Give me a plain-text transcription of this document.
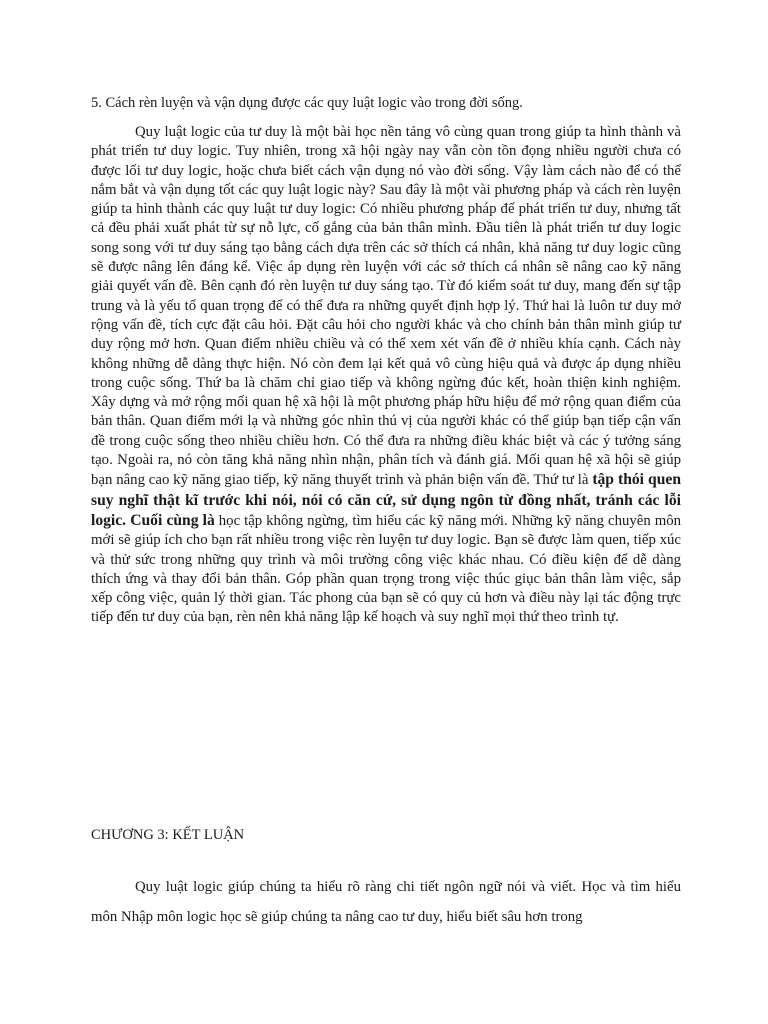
5. Cách rèn luyện và vận dụng được các quy luật logic vào trong đời sống.

Quy luật logic của tư duy là một bài học nền tảng vô cùng quan trong giúp ta hình thành và phát triển tư duy logic. Tuy nhiên, trong xã hội ngày nay vẫn còn tồn đọng nhiều người chưa có được lối tư duy logic, hoặc chưa biết cách vận dụng nó vào đời sống. Vậy làm cách nào để có thể nắm bắt và vận dụng tốt các quy luật logic này? Sau đây là một vài phương pháp và cách rèn luyện giúp ta hình thành các quy luật tư duy logic: Có nhiều phương pháp để phát triển tư duy, nhưng tất cả đều phải xuất phát từ sự nỗ lực, cố gắng của bản thân mình. Đầu tiên là phát triển tư duy logic song song với tư duy sáng tạo bằng cách dựa trên các sở thích cá nhân, khả năng tư duy logic cũng sẽ được nâng lên đáng kể. Việc áp dụng rèn luyện với các sở thích cá nhân sẽ nâng cao kỹ năng giải quyết vấn đề. Bên cạnh đó rèn luyện tư duy sáng tạo. Từ đó kiểm soát tư duy, mang đến sự tập trung và là yếu tố quan trọng để có thể đưa ra những quyết định hợp lý. Thứ hai là luôn tư duy mở rộng vấn đề, tích cực đặt câu hỏi. Đặt câu hỏi cho người khác và cho chính bản thân mình giúp tư duy rộng mở hơn. Quan điểm nhiều chiều và có thể xem xét vấn đề ở nhiều khía cạnh. Cách này không những dễ dàng thực hiện. Nó còn đem lại kết quả vô cùng hiệu quả và được áp dụng nhiều trong cuộc sống. Thứ ba là chăm chỉ giao tiếp và không ngừng đúc kết, hoàn thiện kinh nghiệm. Xây dựng và mở rộng mối quan hệ xã hội là một phương pháp hữu hiệu để mở rộng quan điểm của bản thân. Quan điểm mới lạ và những góc nhìn thú vị của người khác có thể giúp bạn tiếp cận vấn đề trong cuộc sống theo nhiều chiều hơn. Có thể đưa ra những điều khác biệt và các ý tưởng sáng tạo. Ngoài ra, nó còn tăng khả năng nhìn nhận, phân tích và đánh giá. Mối quan hệ xã hội sẽ giúp bạn nâng cao kỹ năng giao tiếp, kỹ năng thuyết trình và phản biện vấn đề. Thứ tư là tập thói quen suy nghĩ thật kĩ trước khi nói, nói có căn cứ, sử dụng ngôn từ đồng nhất, tránh các lỗi logic. Cuối cùng là học tập không ngừng, tìm hiểu các kỹ năng mới. Những kỹ năng chuyên môn mới sẽ giúp ích cho bạn rất nhiều trong việc rèn luyện tư duy logic. Bạn sẽ được làm quen, tiếp xúc và thử sức trong những quy trình và môi trường công việc khác nhau. Có điều kiện để dễ dàng thích ứng và thay đổi bản thân. Góp phần quan trọng trong việc thúc giục bản thân làm việc, sắp xếp công việc, quản lý thời gian. Tác phong của bạn sẽ có quy củ hơn và điều này lại tác động trực tiếp đến tư duy của bạn, rèn nên khả năng lập kế hoạch và suy nghĩ mọi thứ theo trình tự.

CHƯƠNG 3: KẾT LUẬN

Quy luật logic giúp chúng ta hiểu rõ ràng chi tiết ngôn ngữ nói và viết. Học và tìm hiểu môn Nhập môn logic học sẽ giúp chúng ta nâng cao tư duy, hiểu biết sâu hơn trong
